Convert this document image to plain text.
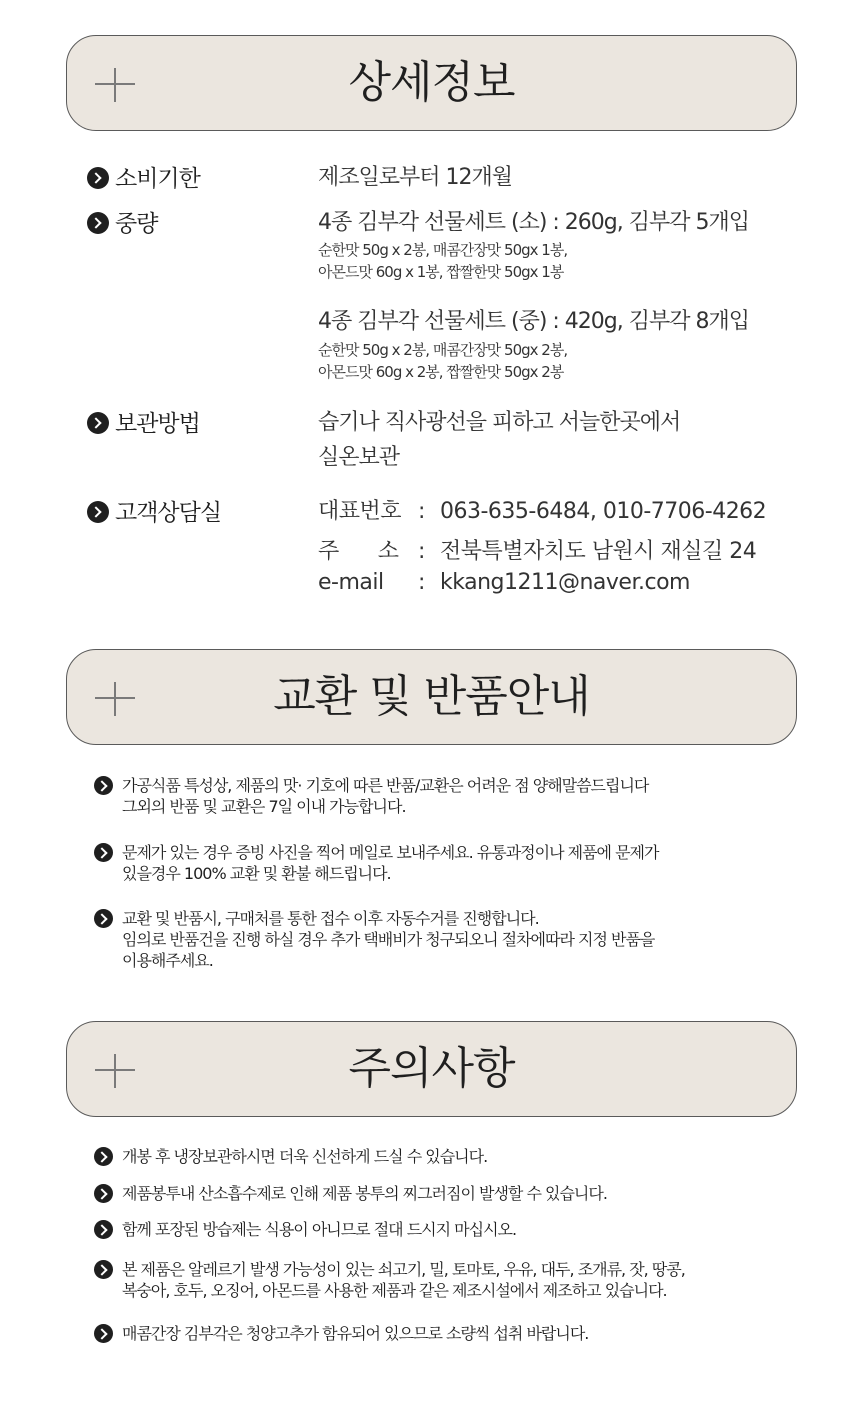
상세정보
소비기한	제조일로부터 12개월
중량	4종 김부각 선물세트 (소) : 260g, 김부각 5개입
순한맛 50g x 2봉, 매콤간장맛 50gx 1봉,
아몬드맛 60g x 1봉, 짭짤한맛 50gx 1봉
4종 김부각 선물세트 (중) : 420g, 김부각 8개입
순한맛 50g x 2봉, 매콤간장맛 50gx 2봉,
아몬드맛 60g x 2봉, 짭짤한맛 50gx 2봉
보관방법	습기나 직사광선을 피하고 서늘한곳에서
실온보관
고객상담실	대표번호 : 063-635-6484, 010-7706-4262
주      소 : 전북특별자치도 남원시 재실길 24
e-mail : kkang1211@naver.com
교환 및 반품안내
가공식품 특성상, 제품의 맛· 기호에 따른 반품/교환은 어려운 점 양해말씀드립니다
그외의 반품 및 교환은 7일 이내 가능합니다.
문제가 있는 경우 증빙 사진을 찍어 메일로 보내주세요. 유통과정이나 제품에 문제가
있을경우 100% 교환 및 환불 해드립니다.
교환 및 반품시, 구매처를 통한 접수 이후 자동수거를 진행합니다.
임의로 반품건을 진행 하실 경우 추가 택배비가 청구되오니 절차에따라 지정 반품을
이용해주세요.
주의사항
개봉 후 냉장보관하시면 더욱 신선하게 드실 수 있습니다.
제품봉투내 산소흡수제로 인해 제품 봉투의 찌그러짐이 발생할 수 있습니다.
함께 포장된 방습제는 식용이 아니므로 절대 드시지 마십시오.
본 제품은 알레르기 발생 가능성이 있는 쇠고기, 밀, 토마토, 우유, 대두, 조개류, 잣, 땅콩,
복숭아, 호두, 오징어, 아몬드를 사용한 제품과 같은 제조시설에서 제조하고 있습니다.
매콤간장 김부각은 청양고추가 함유되어 있으므로 소량씩 섭취 바랍니다.
